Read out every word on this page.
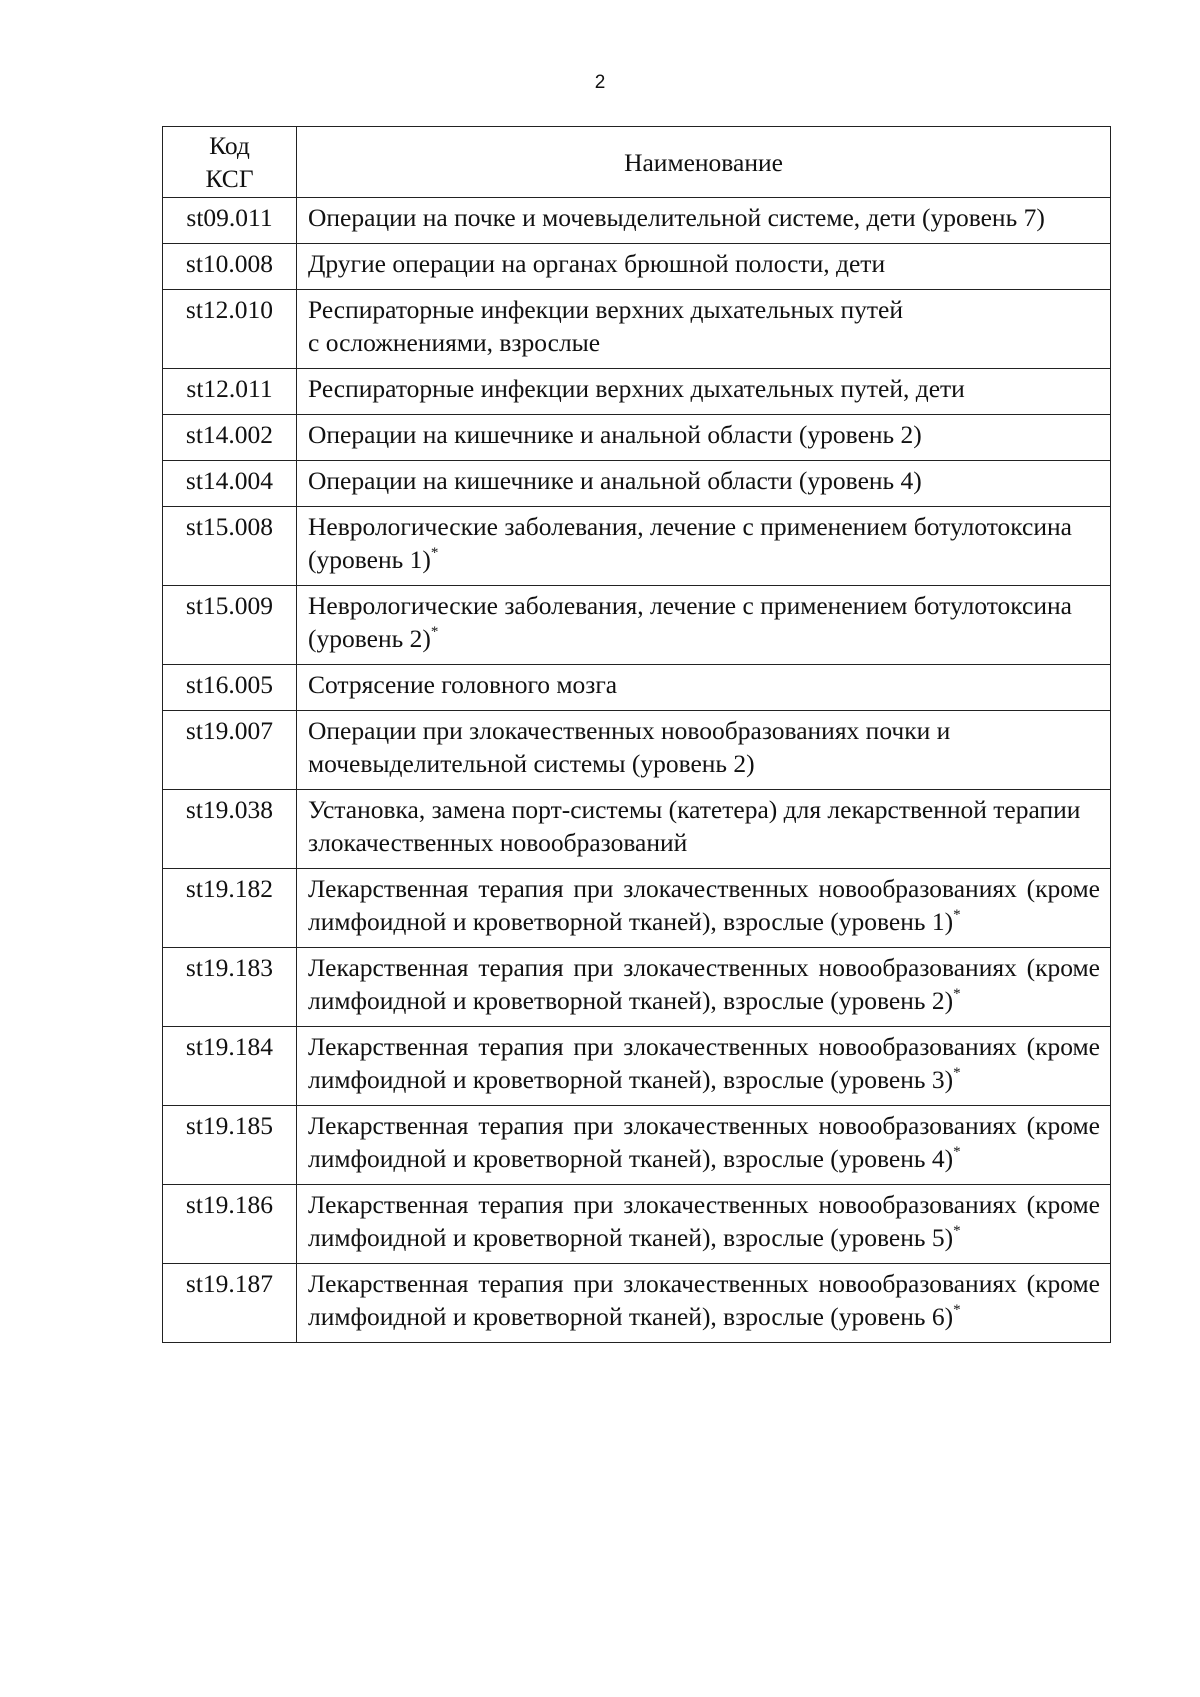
2
Код
КСГ	Наименование
st09.011	Операции на почке и мочевыделительной системе, дети (уровень 7)
st10.008	Другие операции на органах брюшной полости, дети
st12.010	Респираторные инфекции верхних дыхательных путей
с осложнениями, взрослые
st12.011	Респираторные инфекции верхних дыхательных путей, дети
st14.002	Операции на кишечнике и анальной области (уровень 2)
st14.004	Операции на кишечнике и анальной области (уровень 4)
st15.008	Неврологические заболевания, лечение с применением ботулотоксина (уровень 1)*
st15.009	Неврологические заболевания, лечение с применением ботулотоксина (уровень 2)*
st16.005	Сотрясение головного мозга
st19.007	Операции при злокачественных новообразованиях почки и мочевыделительной системы (уровень 2)
st19.038	Установка, замена порт-системы (катетера) для лекарственной терапии злокачественных новообразований
st19.182	Лекарственная терапия при злокачественных новообразованиях (кроме лимфоидной и кроветворной тканей), взрослые (уровень 1)*
st19.183	Лекарственная терапия при злокачественных новообразованиях (кроме лимфоидной и кроветворной тканей), взрослые (уровень 2)*
st19.184	Лекарственная терапия при злокачественных новообразованиях (кроме лимфоидной и кроветворной тканей), взрослые (уровень 3)*
st19.185	Лекарственная терапия при злокачественных новообразованиях (кроме лимфоидной и кроветворной тканей), взрослые (уровень 4)*
st19.186	Лекарственная терапия при злокачественных новообразованиях (кроме лимфоидной и кроветворной тканей), взрослые (уровень 5)*
st19.187	Лекарственная терапия при злокачественных новообразованиях (кроме лимфоидной и кроветворной тканей), взрослые (уровень 6)*
